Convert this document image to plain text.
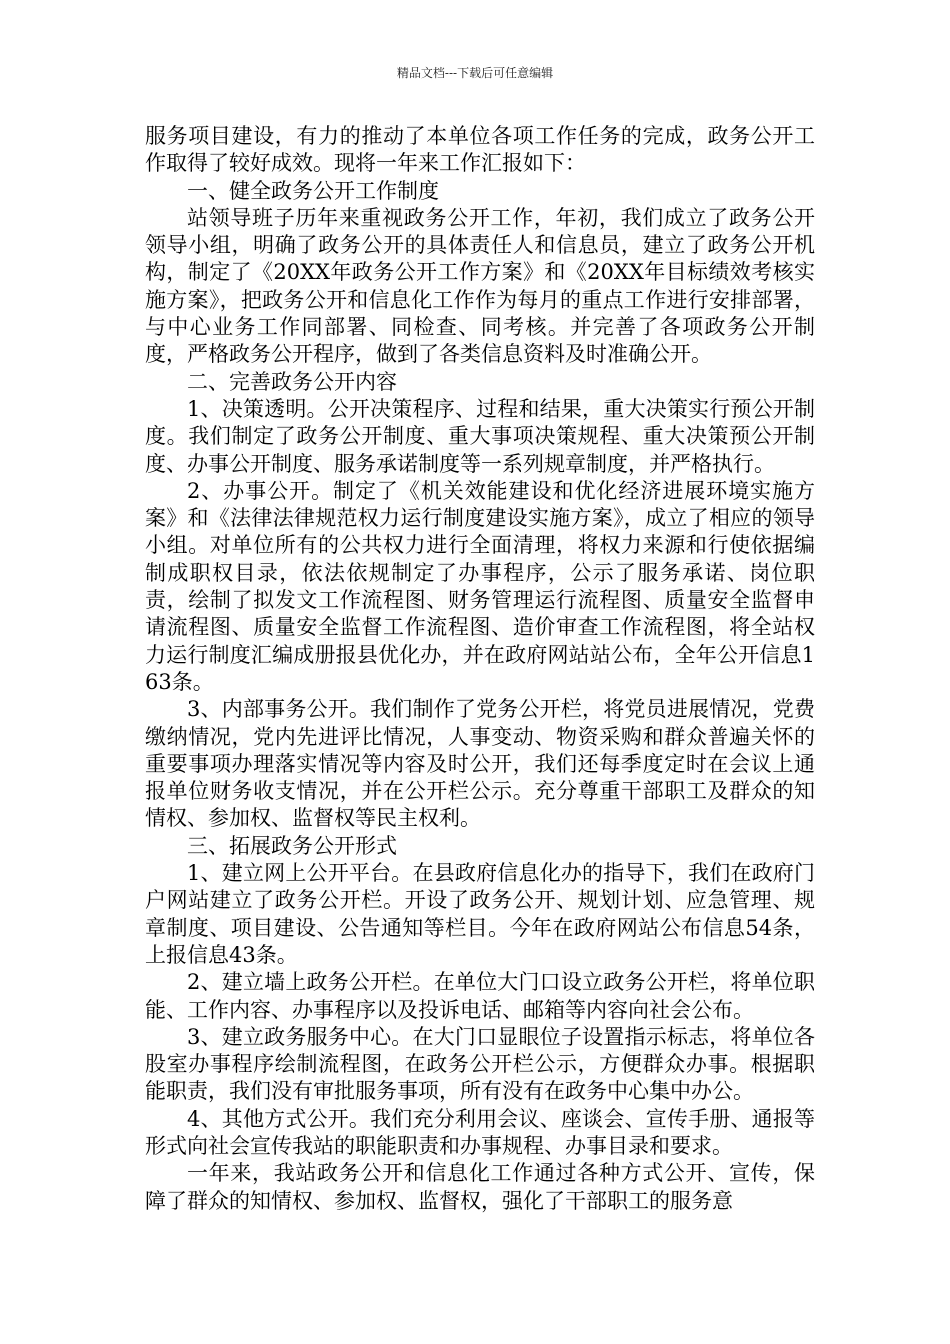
精品文档---下载后可任意编辑

服务项目建设，有力的推动了本单位各项工作任务的完成，政务公开工作取得了较好成效。现将一年来工作汇报如下：

一、健全政务公开工作制度

站领导班子历年来重视政务公开工作，年初，我们成立了政务公开领导小组，明确了政务公开的具体责任人和信息员，建立了政务公开机构，制定了《20XX年政务公开工作方案》和《20XX年目标绩效考核实施方案》，把政务公开和信息化工作作为每月的重点工作进行安排部署，与中心业务工作同部署、同检查、同考核。并完善了各项政务公开制度，严格政务公开程序，做到了各类信息资料及时准确公开。

二、完善政务公开内容

1、决策透明。公开决策程序、过程和结果，重大决策实行预公开制度。我们制定了政务公开制度、重大事项决策规程、重大决策预公开制度、办事公开制度、服务承诺制度等一系列规章制度，并严格执行。

2、办事公开。制定了《机关效能建设和优化经济进展环境实施方案》和《法律法律规范权力运行制度建设实施方案》，成立了相应的领导小组。对单位所有的公共权力进行全面清理，将权力来源和行使依据编制成职权目录，依法依规制定了办事程序，公示了服务承诺、岗位职责，绘制了拟发文工作流程图、财务管理运行流程图、质量安全监督申请流程图、质量安全监督工作流程图、造价审查工作流程图，将全站权力运行制度汇编成册报县优化办，并在政府网站站公布，全年公开信息163条。

3、内部事务公开。我们制作了党务公开栏，将党员进展情况，党费缴纳情况，党内先进评比情况，人事变动、物资采购和群众普遍关怀的重要事项办理落实情况等内容及时公开，我们还每季度定时在会议上通报单位财务收支情况，并在公开栏公示。充分尊重干部职工及群众的知情权、参加权、监督权等民主权利。

三、拓展政务公开形式

1、建立网上公开平台。在县政府信息化办的指导下，我们在政府门户网站建立了政务公开栏。开设了政务公开、规划计划、应急管理、规章制度、项目建设、公告通知等栏目。今年在政府网站公布信息54条，上报信息43条。

2、建立墙上政务公开栏。在单位大门口设立政务公开栏，将单位职能、工作内容、办事程序以及投诉电话、邮箱等内容向社会公布。

3、建立政务服务中心。在大门口显眼位子设置指示标志，将单位各股室办事程序绘制流程图，在政务公开栏公示，方便群众办事。根据职能职责，我们没有审批服务事项，所有没有在政务中心集中办公。

4、其他方式公开。我们充分利用会议、座谈会、宣传手册、通报等形式向社会宣传我站的职能职责和办事规程、办事目录和要求。

一年来，我站政务公开和信息化工作通过各种方式公开、宣传，保障了群众的知情权、参加权、监督权，强化了干部职工的服务意
